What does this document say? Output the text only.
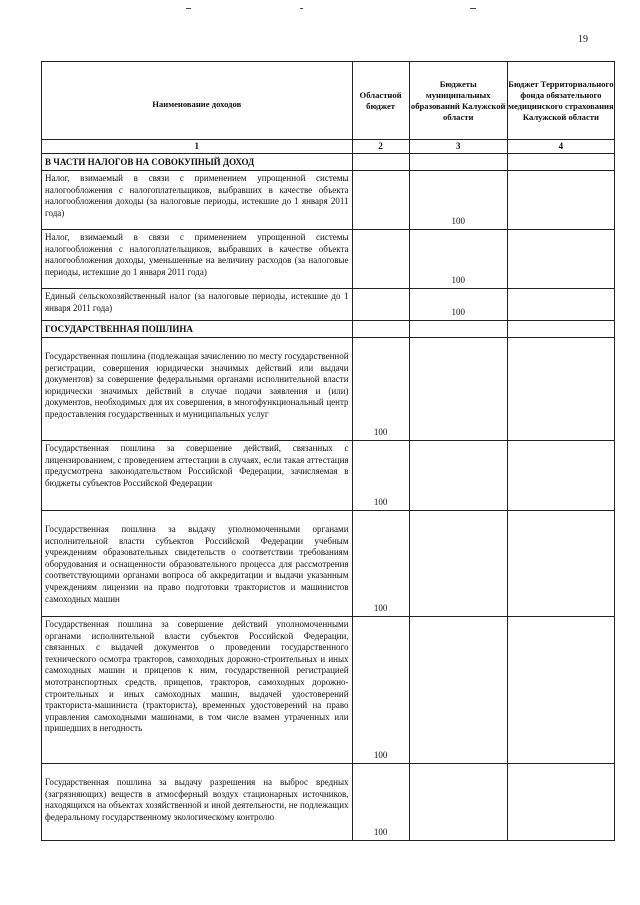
19
Наименование доходов	Областной бюджет	Бюджеты муниципальных образований Калужской области	Бюджет Территориального фонда обязательного медицинского страхования Калужской области
1	2	3	4
В ЧАСТИ НАЛОГОВ НА СОВОКУПНЫЙ ДОХОД			
Налог, взимаемый в связи с применением упрощенной системы налогообложения с налогоплательщиков, выбравших в качестве объекта налогообложения доходы (за налоговые периоды, истекшие до 1 января 2011 года)		100	
Налог, взимаемый в связи с применением упрощенной системы налогообложения с налогоплательщиков, выбравших в качестве объекта налогообложения доходы, уменьшенные на величину расходов (за налоговые периоды, истекшие до 1 января 2011 года)		100	
Единый сельскохозяйственный налог (за налоговые периоды, истекшие до 1 января 2011 года)		100	
ГОСУДАРСТВЕННАЯ ПОШЛИНА			

Государственная пошлина (подлежащая зачислению по месту государственной регистрации, совершения юридически значимых действий или выдачи документов) за совершение федеральными органами исполнительной власти юридически значимых действий в случае подачи заявления и (или) документов, необходимых для их совершения, в многофункциональный центр предоставления государственных и муниципальных услуг	100		
Государственная пошлина за совершение действий, связанных с лицензированием, с проведением аттестации в случаях, если такая аттестация предусмотрена законодательством Российской Федерации, зачисляемая в бюджеты субъектов Российской Федерации	100		

Государственная пошлина за выдачу уполномоченными органами исполнительной власти субъектов Российской Федерации учебным учреждениям образовательных свидетельств о соответствии требованиям оборудования и оснащенности образовательного процесса для рассмотрения соответствующими органами вопроса об аккредитации и выдачи указанным учреждениям лицензии на право подготовки трактористов и машинистов самоходных машин	100		
Государственная пошлина за совершение действий уполномоченными органами исполнительной власти субъектов Российской Федерации, связанных с выдачей документов о проведении государственного технического осмотра тракторов, самоходных дорожно-строительных и иных самоходных машин и прицепов к ним, государственной регистрацией мототранспортных средств, прицепов, тракторов, самоходных дорожно-строительных и иных самоходных машин, выдачей удостоверений тракториста-машиниста (тракториста), временных удостоверений на право управления самоходными машинами, в том числе взамен утраченных или пришедших в негодность	100		

Государственная пошлина за выдачу разрешения на выброс вредных (загрязняющих) веществ в атмосферный воздух стационарных источников, находящихся на объектах хозяйственной и иной деятельности, не подлежащих федеральному государственному экологическому контролю	100		
